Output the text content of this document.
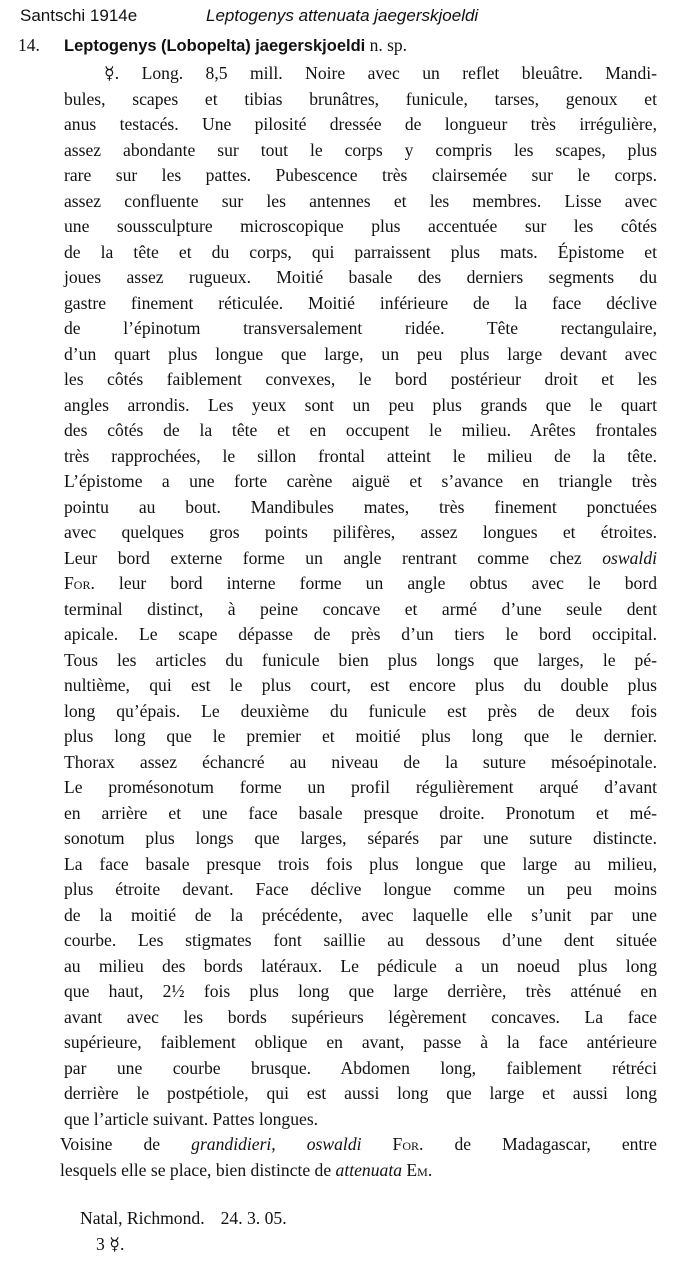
Santschi 1914e	Leptogenys attenuata jaegerskjoeldi
14. Leptogenys (Lobopelta) jaegerskjoeldi n. sp.
☿. Long. 8,5 mill. Noire avec un reflet bleuâtre. Mandi-
bules, scapes et tibias brunâtres, funicule, tarses, genoux et
anus testacés. Une pilosité dressée de longueur très irrégulière,
assez abondante sur tout le corps y compris les scapes, plus
rare sur les pattes. Pubescence très clairsemée sur le corps.
assez confluente sur les antennes et les membres. Lisse avec
une soussculpture microscopique plus accentuée sur les côtés
de la tête et du corps, qui parraissent plus mats. Épistome et
joues assez rugueux. Moitié basale des derniers segments du
gastre finement réticulée. Moitié inférieure de la face déclive
de l’épinotum transversalement ridée. Tête rectangulaire,
d’un quart plus longue que large, un peu plus large devant avec
les côtés faiblement convexes, le bord postérieur droit et les
angles arrondis. Les yeux sont un peu plus grands que le quart
des côtés de la tête et en occupent le milieu. Arêtes frontales
très rapprochées, le sillon frontal atteint le milieu de la tête.
L’épistome a une forte carène aiguë et s’avance en triangle très
pointu au bout. Mandibules mates, très finement ponctuées
avec quelques gros points pilifères, assez longues et étroites.
Leur bord externe forme un angle rentrant comme chez oswaldi
For. leur bord interne forme un angle obtus avec le bord
terminal distinct, à peine concave et armé d’une seule dent
apicale. Le scape dépasse de près d’un tiers le bord occipital.
Tous les articles du funicule bien plus longs que larges, le pé-
nultième, qui est le plus court, est encore plus du double plus
long qu’épais. Le deuxième du funicule est près de deux fois
plus long que le premier et moitié plus long que le dernier.
Thorax assez échancré au niveau de la suture mésoépinotale.
Le promésonotum forme un profil régulièrement arqué d’avant
en arrière et une face basale presque droite. Pronotum et mé-
sonotum plus longs que larges, séparés par une suture distincte.
La face basale presque trois fois plus longue que large au milieu,
plus étroite devant. Face déclive longue comme un peu moins
de la moitié de la précédente, avec laquelle elle s’unit par une
courbe. Les stigmates font saillie au dessous d’une dent située
au milieu des bords latéraux. Le pédicule a un noeud plus long
que haut, 2½ fois plus long que large derrière, très atténué en
avant avec les bords supérieurs légèrement concaves. La face
supérieure, faiblement oblique en avant, passe à la face antérieure
par une courbe brusque. Abdomen long, faiblement rétréci
derrière le postpétiole, qui est aussi long que large et aussi long
que l’article suivant. Pattes longues.
Voisine de grandidieri, oswaldi For. de Madagascar, entre
lesquels elle se place, bien distincte de attenuata Em.
Natal, Richmond. 24. 3. 05.
3 ☿.
